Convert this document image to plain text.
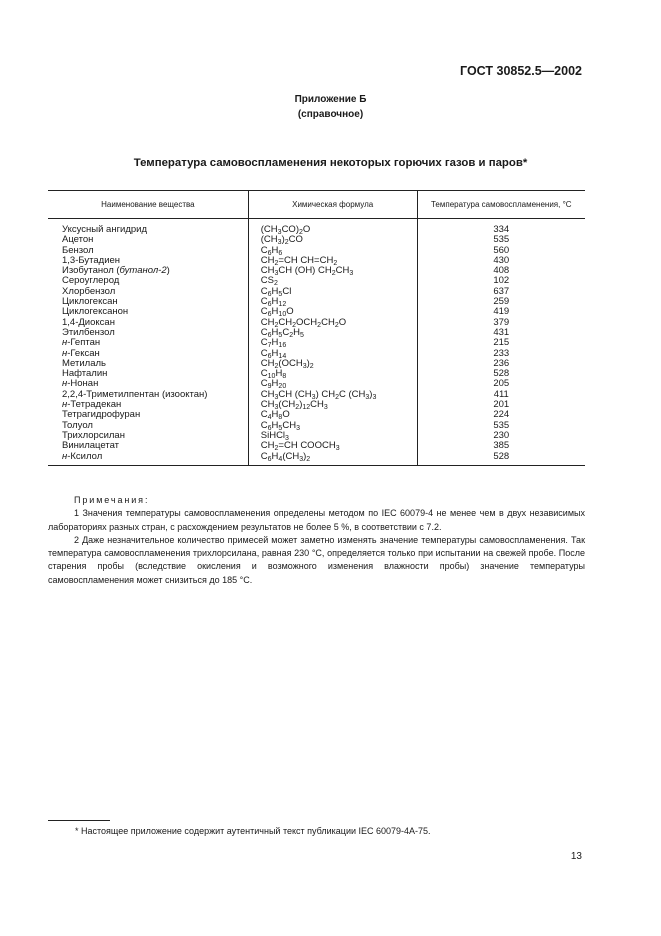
ГОСТ 30852.5—2002
Приложение Б
(справочное)
Температура самовоспламенения некоторых горючих газов и паров*
Наименование вещества	Химическая формула	Температура самовоспламенения, °С
Уксусный ангидрид	$(CH_3CO)_2O$	334
Ацетон	$(CH_3)_2CO$	535
Бензол	$C_6H_6$	560
1,3-Бутадиен	$CH_2=CH$ $CH=CH_2$	430
Изобутанол (бутанол-2)	$CH_3CH$ (OH) $CH_2CH_3$	408
Сероуглерод	$CS_2$	102
Хлорбензол	$C_6H_5Cl$	637
Циклогексан	$C_6H_{12}$	259
Циклогексанон	$C_6H_{10}O$	419
1,4-Диоксан	$CH_2CH_2OCH_2CH_2O$	379
Этилбензол	$C_6H_5C_2H_5$	431
н-Гептан	$C_7H_{16}$	215
н-Гексан	$C_6H_{14}$	233
Метилаль	$CH_2(OCH_3)_2$	236
Нафталин	$C_{10}H_8$	528
н-Нонан	$C_9H_{20}$	205
2,2,4-Триметилпентан (изооктан)	$CH_3CH$ $(CH_3)$ $CH_2C$ $(CH_3)_3$	411
н-Тетрадекан	$CH_3(CH_2)_{12}CH_3$	201
Тетрагидрофуран	$C_4H_8O$	224
Толуол	$C_6H_5CH_3$	535
Трихлорсилан	SiHCl$_3$	230
Винилацетат	$CH_2=CH$ $COOCH_3$	385
н-Ксилол	$C_6H_4(CH_3)_2$	528
Примечания:

1 Значения температуры самовоспламенения определены методом по IEC 60079-4 не менее чем в двух независимых лабораториях разных стран, с расхождением результатов не более 5 %, в соответствии с 7.2.

2 Даже незначительное количество примесей может заметно изменять значение температуры самовоспламенения. Так температура самовоспламенения трихлорсилана, равная 230 °С, определяется только при испытании на свежей пробе. После старения пробы (вследствие окисления и возможного изменения влажности пробы) значение температуры самовоспламенения может снизиться до 185 °С.

* Настоящее приложение содержит аутентичный текст публикации IEC 60079-4A-75.
13
